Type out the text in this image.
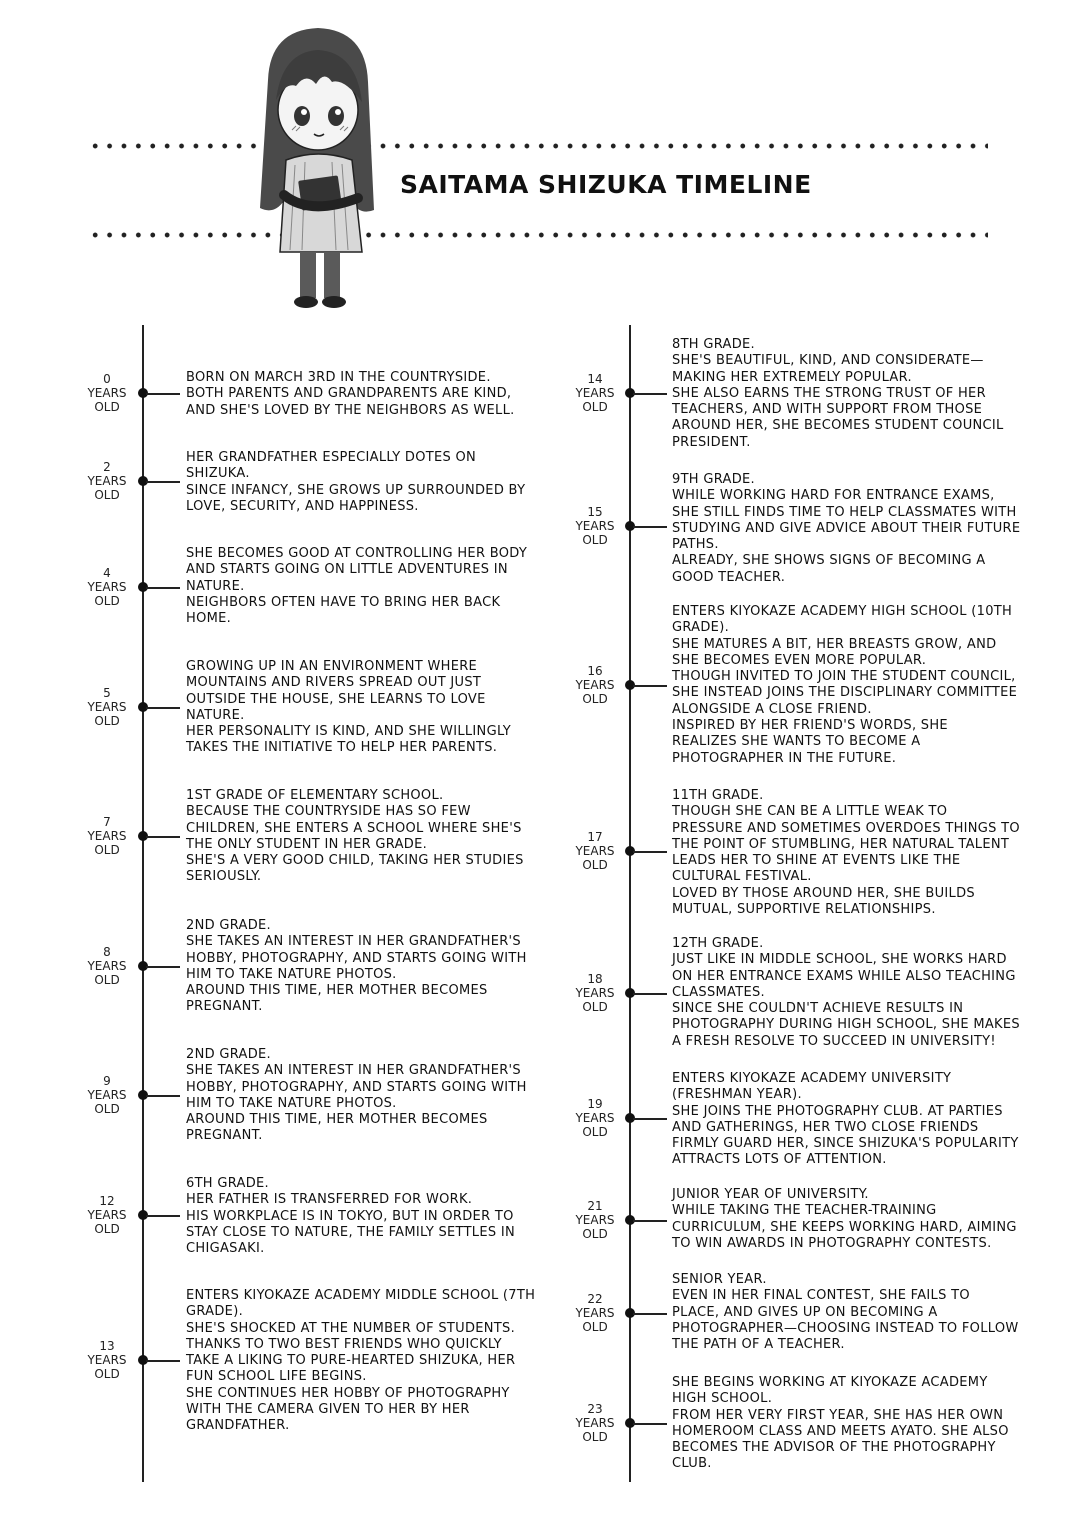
SAITAMA SHIZUKA TIMELINE
0
YEARS
OLD
BORN ON MARCH 3RD IN THE COUNTRYSIDE.
BOTH PARENTS AND GRANDPARENTS ARE KIND,
AND SHE'S LOVED BY THE NEIGHBORS AS WELL.
2
YEARS
OLD
HER GRANDFATHER ESPECIALLY DOTES ON
SHIZUKA.
SINCE INFANCY, SHE GROWS UP SURROUNDED BY
LOVE, SECURITY, AND HAPPINESS.
4
YEARS
OLD
SHE BECOMES GOOD AT CONTROLLING HER BODY
AND STARTS GOING ON LITTLE ADVENTURES IN
NATURE.
NEIGHBORS OFTEN HAVE TO BRING HER BACK
HOME.
5
YEARS
OLD
GROWING UP IN AN ENVIRONMENT WHERE
MOUNTAINS AND RIVERS SPREAD OUT JUST
OUTSIDE THE HOUSE, SHE LEARNS TO LOVE
NATURE.
HER PERSONALITY IS KIND, AND SHE WILLINGLY
TAKES THE INITIATIVE TO HELP HER PARENTS.
7
YEARS
OLD
1ST GRADE OF ELEMENTARY SCHOOL.
BECAUSE THE COUNTRYSIDE HAS SO FEW
CHILDREN, SHE ENTERS A SCHOOL WHERE SHE'S
THE ONLY STUDENT IN HER GRADE.
SHE'S A VERY GOOD CHILD, TAKING HER STUDIES
SERIOUSLY.
8
YEARS
OLD
2ND GRADE.
SHE TAKES AN INTEREST IN HER GRANDFATHER'S
HOBBY, PHOTOGRAPHY, AND STARTS GOING WITH
HIM TO TAKE NATURE PHOTOS.
AROUND THIS TIME, HER MOTHER BECOMES
PREGNANT.
9
YEARS
OLD
2ND GRADE.
SHE TAKES AN INTEREST IN HER GRANDFATHER'S
HOBBY, PHOTOGRAPHY, AND STARTS GOING WITH
HIM TO TAKE NATURE PHOTOS.
AROUND THIS TIME, HER MOTHER BECOMES
PREGNANT.
12
YEARS
OLD
6TH GRADE.
HER FATHER IS TRANSFERRED FOR WORK.
HIS WORKPLACE IS IN TOKYO, BUT IN ORDER TO
STAY CLOSE TO NATURE, THE FAMILY SETTLES IN
CHIGASAKI.
13
YEARS
OLD
ENTERS KIYOKAZE ACADEMY MIDDLE SCHOOL (7TH
GRADE).
SHE'S SHOCKED AT THE NUMBER OF STUDENTS.
THANKS TO TWO BEST FRIENDS WHO QUICKLY
TAKE A LIKING TO PURE-HEARTED SHIZUKA, HER
FUN SCHOOL LIFE BEGINS.
SHE CONTINUES HER HOBBY OF PHOTOGRAPHY
WITH THE CAMERA GIVEN TO HER BY HER
GRANDFATHER.
14
YEARS
OLD
8TH GRADE.
SHE'S BEAUTIFUL, KIND, AND CONSIDERATE—
MAKING HER EXTREMELY POPULAR.
SHE ALSO EARNS THE STRONG TRUST OF HER
TEACHERS, AND WITH SUPPORT FROM THOSE
AROUND HER, SHE BECOMES STUDENT COUNCIL
PRESIDENT.
15
YEARS
OLD
9TH GRADE.
WHILE WORKING HARD FOR ENTRANCE EXAMS,
SHE STILL FINDS TIME TO HELP CLASSMATES WITH
STUDYING AND GIVE ADVICE ABOUT THEIR FUTURE
PATHS.
ALREADY, SHE SHOWS SIGNS OF BECOMING A
GOOD TEACHER.
16
YEARS
OLD
ENTERS KIYOKAZE ACADEMY HIGH SCHOOL (10TH
GRADE).
SHE MATURES A BIT, HER BREASTS GROW, AND
SHE BECOMES EVEN MORE POPULAR.
THOUGH INVITED TO JOIN THE STUDENT COUNCIL,
SHE INSTEAD JOINS THE DISCIPLINARY COMMITTEE
ALONGSIDE A CLOSE FRIEND.
INSPIRED BY HER FRIEND'S WORDS, SHE
REALIZES SHE WANTS TO BECOME A
PHOTOGRAPHER IN THE FUTURE.
17
YEARS
OLD
11TH GRADE.
THOUGH SHE CAN BE A LITTLE WEAK TO
PRESSURE AND SOMETIMES OVERDOES THINGS TO
THE POINT OF STUMBLING, HER NATURAL TALENT
LEADS HER TO SHINE AT EVENTS LIKE THE
CULTURAL FESTIVAL.
LOVED BY THOSE AROUND HER, SHE BUILDS
MUTUAL, SUPPORTIVE RELATIONSHIPS.
18
YEARS
OLD
12TH GRADE.
JUST LIKE IN MIDDLE SCHOOL, SHE WORKS HARD
ON HER ENTRANCE EXAMS WHILE ALSO TEACHING
CLASSMATES.
SINCE SHE COULDN'T ACHIEVE RESULTS IN
PHOTOGRAPHY DURING HIGH SCHOOL, SHE MAKES
A FRESH RESOLVE TO SUCCEED IN UNIVERSITY!
19
YEARS
OLD
ENTERS KIYOKAZE ACADEMY UNIVERSITY
(FRESHMAN YEAR).
SHE JOINS THE PHOTOGRAPHY CLUB. AT PARTIES
AND GATHERINGS, HER TWO CLOSE FRIENDS
FIRMLY GUARD HER, SINCE SHIZUKA'S POPULARITY
ATTRACTS LOTS OF ATTENTION.
21
YEARS
OLD
JUNIOR YEAR OF UNIVERSITY.
WHILE TAKING THE TEACHER-TRAINING
CURRICULUM, SHE KEEPS WORKING HARD, AIMING
TO WIN AWARDS IN PHOTOGRAPHY CONTESTS.
22
YEARS
OLD
SENIOR YEAR.
EVEN IN HER FINAL CONTEST, SHE FAILS TO
PLACE, AND GIVES UP ON BECOMING A
PHOTOGRAPHER—CHOOSING INSTEAD TO FOLLOW
THE PATH OF A TEACHER.
23
YEARS
OLD
SHE BEGINS WORKING AT KIYOKAZE ACADEMY
HIGH SCHOOL.
FROM HER VERY FIRST YEAR, SHE HAS HER OWN
HOMEROOM CLASS AND MEETS AYATO. SHE ALSO
BECOMES THE ADVISOR OF THE PHOTOGRAPHY
CLUB.
